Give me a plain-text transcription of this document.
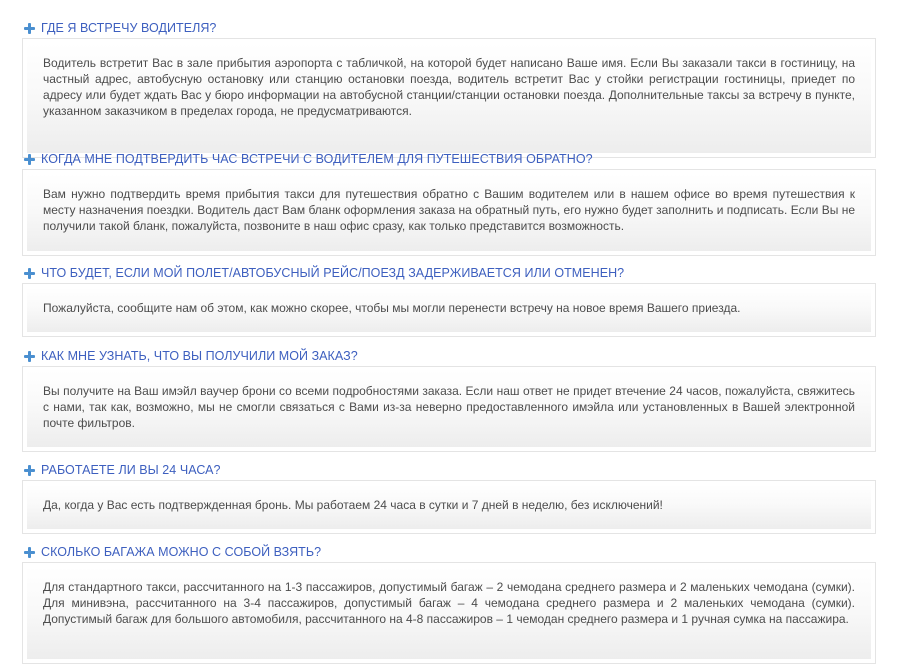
ГДЕ Я ВСТРЕЧУ ВОДИТЕЛЯ?
Водитель встретит Вас в зале прибытия аэропорта с табличкой, на которой будет написано Ваше имя. Если Вы заказали такси в гостиницу, на частный адрес, автобусную остановку или станцию остановки поезда, водитель встретит Вас у стойки регистрации гостиницы, приедет по адресу или будет ждать Вас у бюро информации на автобусной станции/станции остановки поезда. Дополнительные таксы за встречу в пункте, указанном заказчиком в пределах города, не предусматриваются.
КОГДА МНЕ ПОДТВЕРДИТЬ ЧАС ВСТРЕЧИ С ВОДИТЕЛЕМ ДЛЯ ПУТЕШЕСТВИЯ ОБРАТНО?
Вам нужно подтвердить время прибытия такси для путешествия обратно с Вашим водителем или в нашем офисе во время путешествия к месту назначения поездки. Водитель даст Вам бланк оформления заказа на обратный путь, его нужно будет заполнить и подписать. Если Вы не получили такой бланк, пожалуйста, позвоните в наш офис сразу, как только представится возможность.
ЧТО БУДЕТ, ЕСЛИ МОЙ ПОЛЕТ/АВТОБУСНЫЙ РЕЙС/ПОЕЗД ЗАДЕРЖИВАЕТСЯ ИЛИ ОТМЕНЕН?
Пожалуйста, сообщите нам об этом, как можно скорее, чтобы мы могли перенести встречу на новое время Вашего приезда.
КАК МНЕ УЗНАТЬ, ЧТО ВЫ ПОЛУЧИЛИ МОЙ ЗАКАЗ?
Вы получите на Ваш имэйл ваучер брони со всеми подробностями заказа. Если наш ответ не придет втечение 24 часов, пожалуйста, свяжитесь с нами, так как, возможно, мы не смогли связаться с Вами из-за неверно предоставленного имэйла или установленных в Вашей электронной почте фильтров.
РАБОТАЕТЕ ЛИ ВЫ 24 ЧАСА?
Да, когда у Вас есть подтвержденная бронь. Мы работаем 24 часа в сутки и 7 дней в неделю, без исключений!
СКОЛЬКО БАГАЖА МОЖНО С СОБОЙ ВЗЯТЬ?
Для стандартного такси, рассчитанного на 1-3 пассажиров, допустимый багаж – 2 чемодана среднего размера и 2 маленьких чемодана (сумки). Для минивэна, рассчитанного на 3-4 пассажиров, допустимый багаж – 4 чемодана среднего размера и 2 маленьких чемодана (сумки). Допустимый багаж для большого автомобиля, рассчитанного на 4-8 пассажиров – 1 чемодан среднего размера и 1 ручная сумка на пассажира.
